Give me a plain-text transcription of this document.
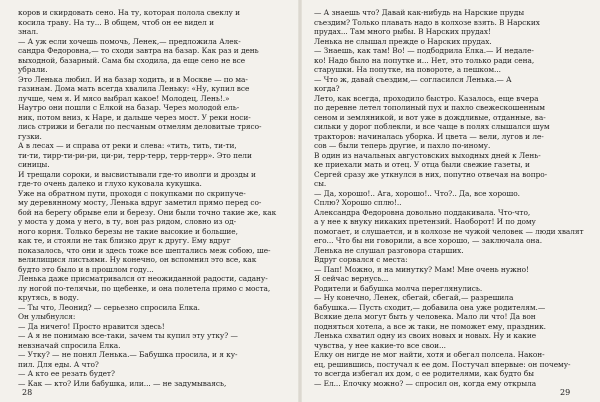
коров и скирдовать сено. На ту, которая полола свеклу и
косила траву. На ту... В общем, чтоб он ее видел и
знал.
— А уж если хочешь помочь, Ленек,— предложила Алек-
сандра Федоровна,— то сходи завтра на базар. Как раз и день
выходной, базарный. Сама бы сходила, да еще сено не все
убрали.
Это Ленька любил. И на базар ходить, и в Москве — по ма-
газинам. Дома мать всегда хвалила Леньку: «Ну, купил все
лучше, чем я. И мясо выбрал какое! Молодец, Лень!.»
Наутро они пошли с Елкой на базар. Через молодой ель-
ник, потом вниз, к Наре, и дальше через мост. У реки носи-
лись стрижи и бегали по песчаным отмелям деловитые трясо-
гузки.
А в лесах — и справа от реки и слева: «тить, тить, ти-ти,
ти-ти, тирр-ти-ри-ри, ци-ри, терр-терр, терр-терр». Это пели
синицы.
И трещали сороки, и высвистывали где-то иволги и дрозды и
где-то очень далеко и глухо куковала кукушка.
Уже на обратном пути, проходя с покупками по скрипуче-
му деревянному мосту, Ленька вдруг заметил прямо перед со-
бой на берегу обрыве ели и березу. Они были точно такие же, как
у моста у дома у него, в ту, вон раз рядом, словно из од-
ного корня. Только березы не такие высокие и большие,
как те, и стояли не так близко друг к другу. Ему вдруг
показалось, что они и здесь тоже все шептались меж собою, ше-
велилищися листьями. Ну конечно, он вспомнил это все, как
будто это было и в прошлом году...
Ленька даже присматривался от неожиданной радости, садану-
лу ногой по-телячьи, по щебенке, и она полетела прямо с моста,
крутясь, в воду.
— Ты что, Леонид? — серьезно спросила Елка.
Он улыбнулся:
— Да ничего! Просто нравится здесь!
— А я не понимаю все-таки, зачем ты купил эту утку? —
невзначай спросила Елка.
— Утку? — не понял Ленька.— Бабушка просила, и я ку-
пил. Для еды. А что?
— А кто ее резать будет?
— Как — кто? Или бабушка, или... — не задумываясь,
— А знаешь что? Давай как-нибудь на Нарские пруды
съездим? Только плавать надо в колхозе взять. В Нарских
прудах... Там много рыбы. В Нарских прудах!
Ленька не слышал прежде о Нарских прудах.
— Знаешь, как там! Во! — подбодрила Елка.— И недале-
ко! Надо было на попутке и... Нет, это только ради сена,
старушки. На попутке, на повороте, а пешком...
— Что ж, давай съездим,— согласился Ленька.— А
когда?
Лето, как всегда, проходило быстро. Казалось, еще вчера
по деревне летел тополиный пух и пахло свежескошенным
сеном и земляникой, и вот уже в дождливые, отданные, ва-
сильки у дорог поблекли, и все чаще в полях слышался шум
тракторов: начиналась уборка. И цвета — вели, лугов и ле-
сов — были теперь другие, и пахло по-иному.
В один из начальных августовских выходных дней к Лень-
ке приехали мать и отец. У отца были свежие газеты, и
Сергей сразу же уткнулся в них, попутно отвечая на вопро-
сы.
— Да, хорошо!.. Ага, хорошо!.. Что?.. Да, все хорошо.
Сплю? Хорошо сплю!..
Александра Федоровна довольно поддакивала. Что-что,
а у нее к внуку никаких претензий. Наоборот! И по дому
помогает, и слушается, и в колхозе не чужой человек — люди хвалят
его... Что бы ни говорили, а все хорошо, — заключала она.
Ленька не слушал разговора старших.
Вдруг сорвался с места:
— Пап! Можно, я на минутку? Мам! Мне очень нужно!
Я сейчас вернусь...
Родители и бабушка молча переглянулись.
— Ну конечно, Ленек, сбегай, сбегай,— разрешила
бабушка.— Пусть сходит,— добавила она уже родителям.—
Всякие дела могут быть у человека. Мало ли что! Да вон
подняться хотела, а все ж таки, не поможет ему, праздник.
Ленька схватил одну из своих новых и новых. Ну и какие
чувства, у нее какие-то все свои...
Елку он нигде не мог найти, хотя и обегал полсела. Након-
ец, решившись, постучал к ее дом. Постучал впервые: он почему-
то всегда избегал их дом, с ее родителями, как будто бы
— Ел... Елочку можно? — спросил он, когда ему открыла
28	29
